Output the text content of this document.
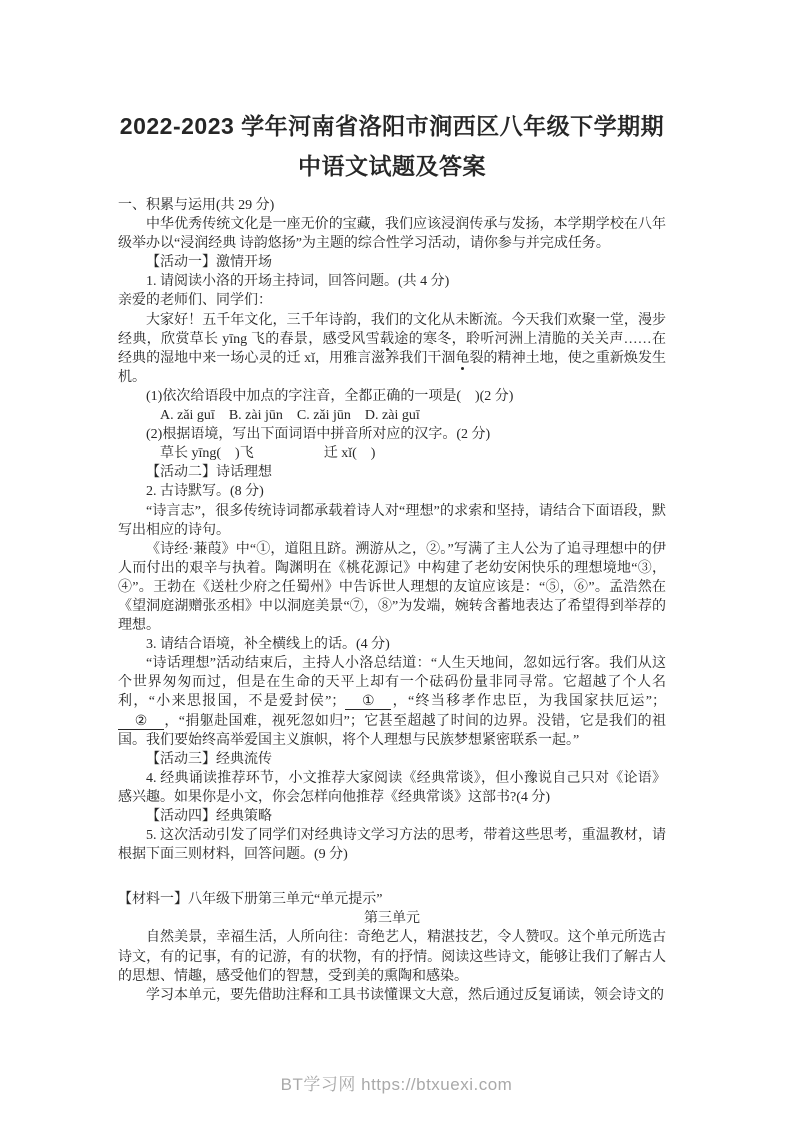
2022-2023 学年河南省洛阳市涧西区八年级下学期期中语文试题及答案

一、积累与运用(共 29 分)

中华优秀传统文化是一座无价的宝藏，我们应该浸润传承与发扬，本学期学校在八年级举办以“浸润经典 诗韵悠扬”为主题的综合性学习活动，请你参与并完成任务。

【活动一】激情开场

1. 请阅读小洛的开场主持词，回答问题。(共 4 分)

亲爱的老师们、同学们：

大家好！五千年文化，三千年诗韵，我们的文化从未断流。今天我们欢聚一堂，漫步经典，欣赏草长 yīng 飞的春景，感受风雪载途的寒冬，聆听河洲上清脆的关关声……在经典的湿地中来一场心灵的迁 xǐ，用雅言滋养我们干涸龟裂的精神土地，使之重新焕发生机。

(1)依次给语段中加点的字注音，全都正确的一项是(　)(2 分)

A. zǎi guī　B. zài jūn　C. zǎi jūn　D. zài guī

(2)根据语境，写出下面词语中拼音所对应的汉字。(2 分)

草长 yīng(　)飞　　　　　迁 xǐ(　)

【活动二】诗话理想

2. 古诗默写。(8 分)

“诗言志”，很多传统诗词都承载着诗人对“理想”的求索和坚持，请结合下面语段，默写出相应的诗句。

《诗经·蒹葭》中“①，道阻且跻。溯游从之，②。”写满了主人公为了追寻理想中的伊人而付出的艰辛与执着。陶渊明在《桃花源记》中构建了老幼安闲快乐的理想境地“③，④”。王勃在《送杜少府之任蜀州》中告诉世人理想的友谊应该是：“⑤，⑥”。孟浩然在《望洞庭湖赠张丞相》中以洞庭美景“⑦，⑧”为发端，婉转含蓄地表达了希望得到举荐的理想。

3. 请结合语境，补全横线上的话。(4 分)

“诗话理想”活动结束后，主持人小洛总结道：“人生天地间，忽如远行客。我们从这个世界匆匆而过，但是在生命的天平上却有一个砝码份量非同寻常。它超越了个人名利，“小来思报国，不是爱封侯”； ① ，“终当移孝作忠臣，为我国家扶厄运”；② ，“捐躯赴国难，视死忽如归”；它甚至超越了时间的边界。没错，它是我们的祖国。我们要始终高举爱国主义旗帜，将个人理想与民族梦想紧密联系一起。”

【活动三】经典流传

4. 经典诵读推荐环节，小文推荐大家阅读《经典常谈》，但小豫说自己只对《论语》感兴趣。如果你是小文，你会怎样向他推荐《经典常谈》这部书?(4 分)

【活动四】经典策略

5. 这次活动引发了同学们对经典诗文学习方法的思考，带着这些思考，重温教材，请根据下面三则材料，回答问题。(9 分)

【材料一】八年级下册第三单元“单元提示”

第三单元

自然美景，幸福生活，人所向往：奇绝艺人，精湛技艺，令人赞叹。这个单元所选古诗文，有的记事，有的记游，有的状物，有的抒情。阅读这些诗文，能够让我们了解古人的思想、情趣，感受他们的智慧，受到美的熏陶和感染。

学习本单元，要先借助注释和工具书读懂课文大意，然后通过反复诵读，领会诗文的

BT学习网 https://btxuexi.com
